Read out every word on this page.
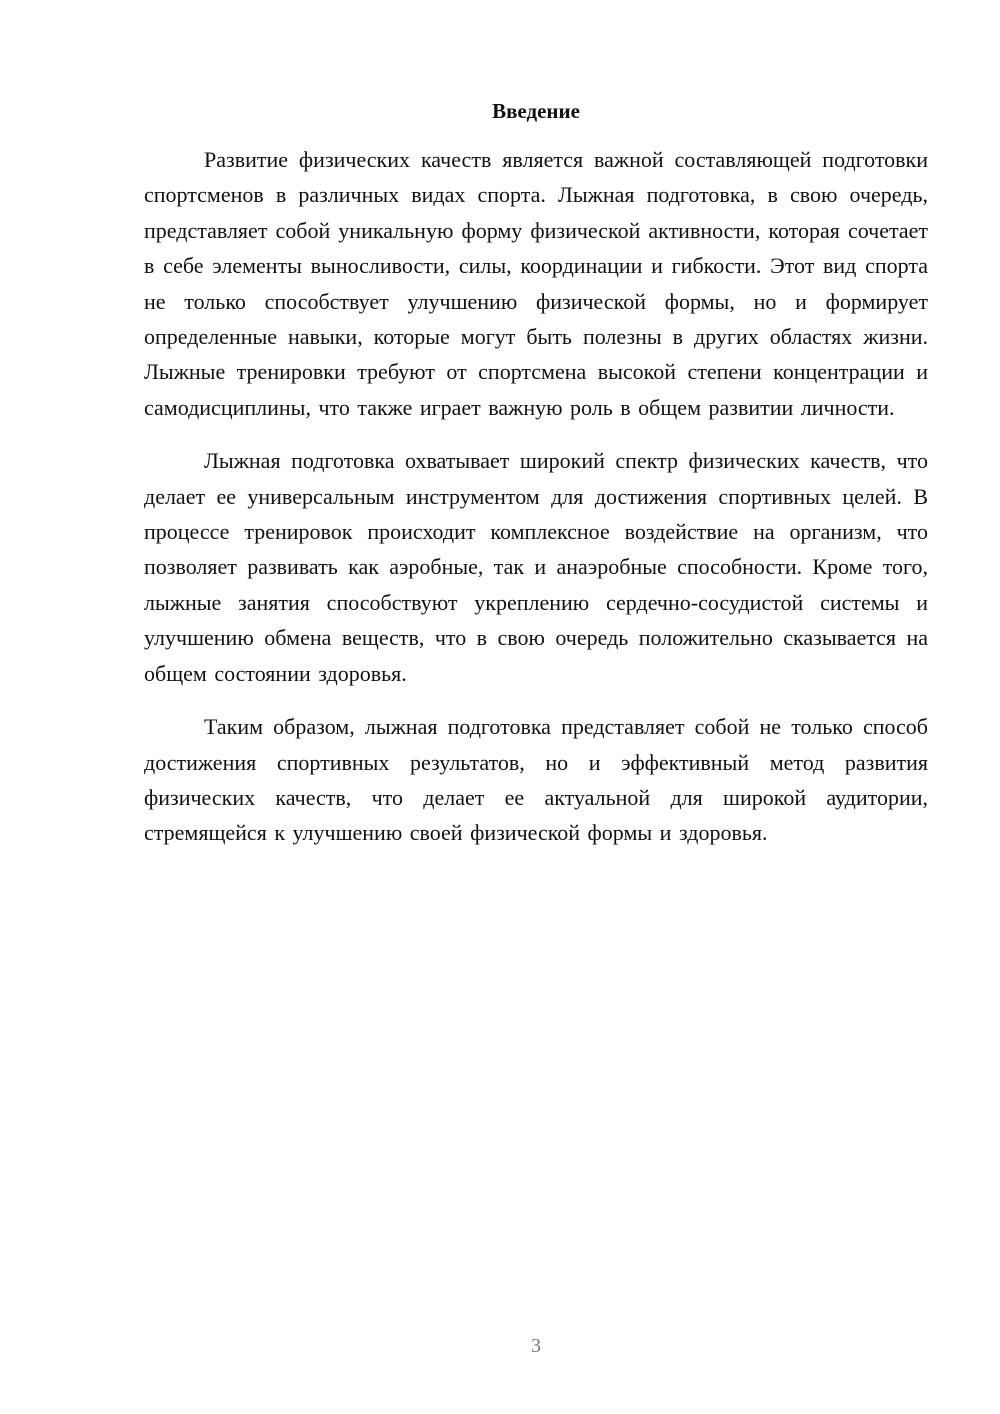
Введение

Развитие физических качеств является важной составляющей подготовки спортсменов в различных видах спорта. Лыжная подготовка, в свою очередь, представляет собой уникальную форму физической активности, которая сочетает в себе элементы выносливости, силы, координации и гибкости. Этот вид спорта не только способствует улучшению физической формы, но и формирует определенные навыки, которые могут быть полезны в других областях жизни. Лыжные тренировки требуют от спортсмена высокой степени концентрации и самодисциплины, что также играет важную роль в общем развитии личности.

Лыжная подготовка охватывает широкий спектр физических качеств, что делает ее универсальным инструментом для достижения спортивных целей. В процессе тренировок происходит комплексное воздействие на организм, что позволяет развивать как аэробные, так и анаэробные способности. Кроме того, лыжные занятия способствуют укреплению сердечно-сосудистой системы и улучшению обмена веществ, что в свою очередь положительно сказывается на общем состоянии здоровья.

Таким образом, лыжная подготовка представляет собой не только способ достижения спортивных результатов, но и эффективный метод развития физических качеств, что делает ее актуальной для широкой аудитории, стремящейся к улучшению своей физической формы и здоровья.

3
